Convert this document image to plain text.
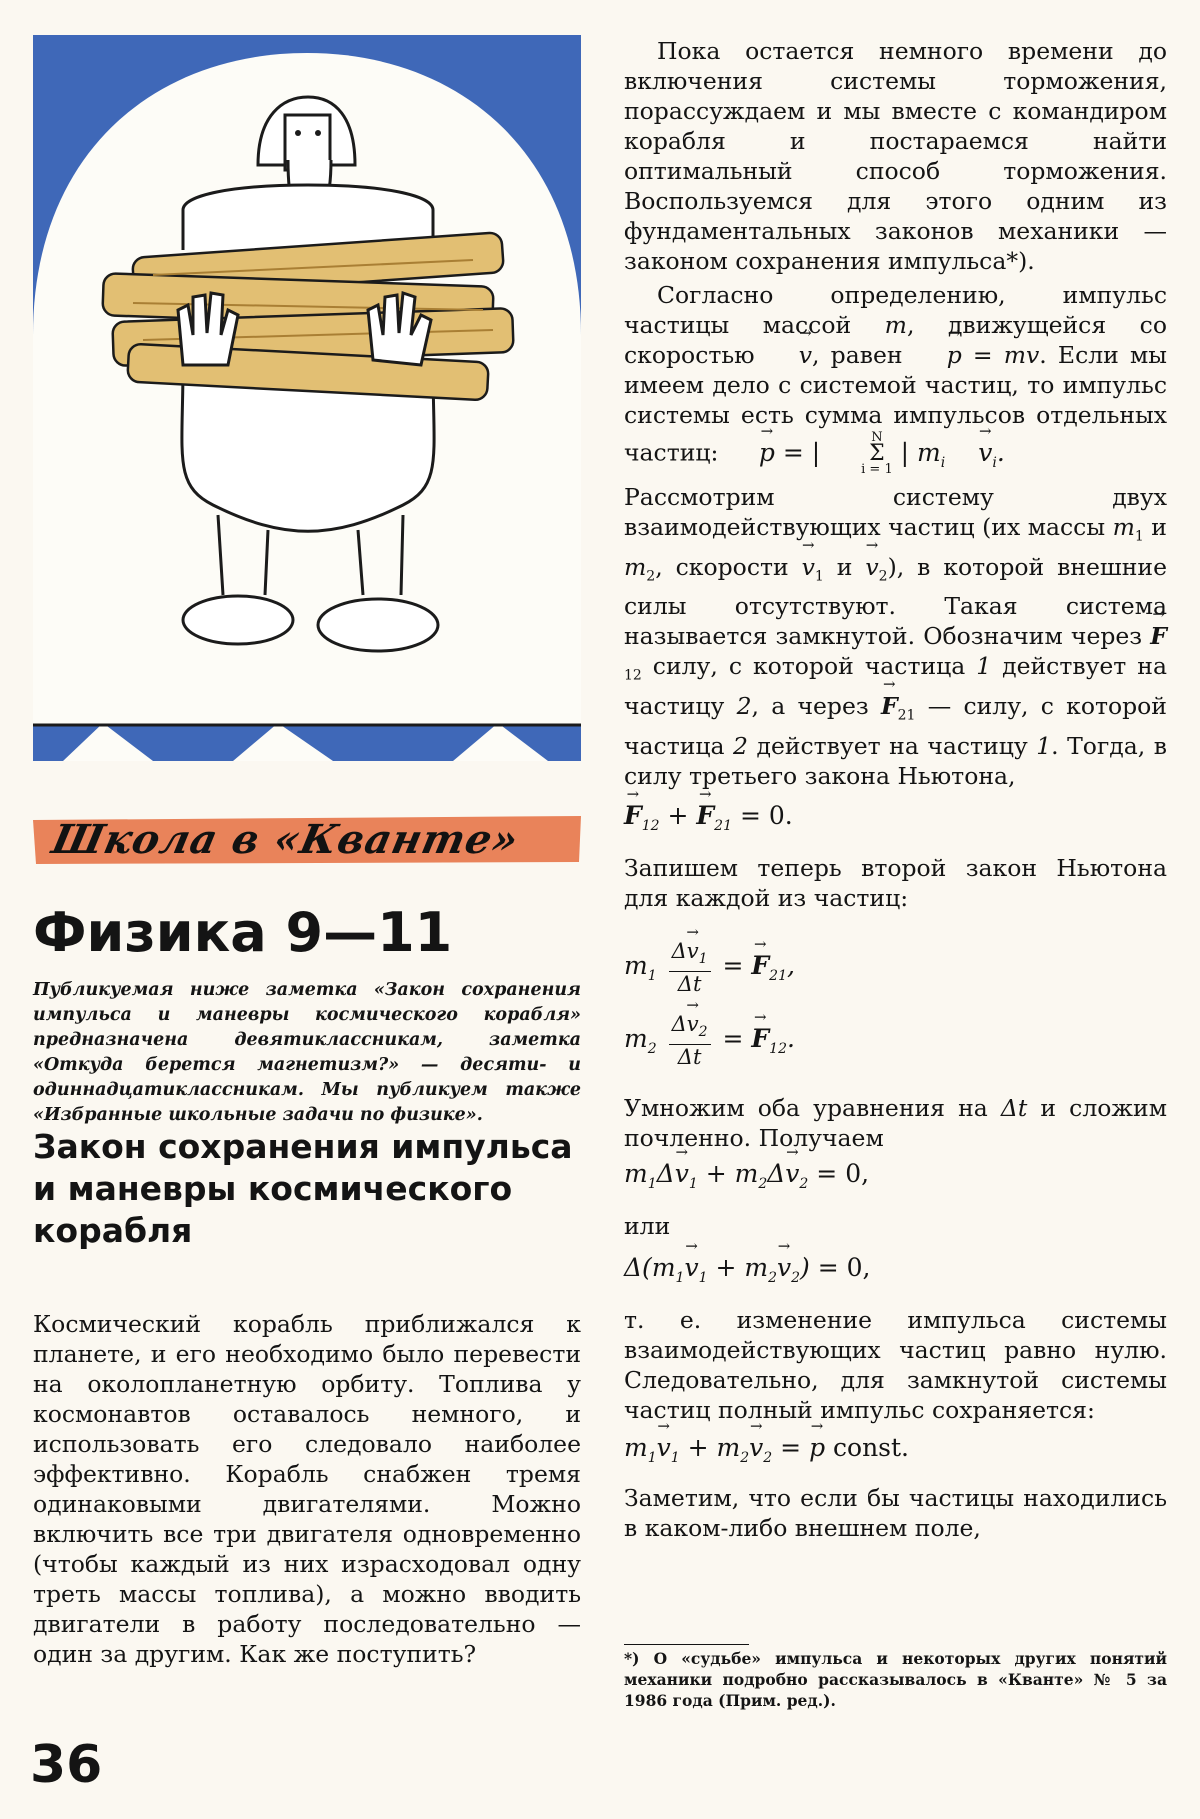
Школа в «Кванте»
Физика 9—11

Публикуемая ниже заметка «Закон сохранения импульса и маневры космического корабля» предназначена девятиклассникам, заметка «Откуда берется магнетизм?» — десяти- и одиннадцатиклассникам. Мы публикуем также «Избранные школьные задачи по физике».

Закон сохранения импульса и маневры космического корабля

Космический корабль приближался к планете, и его необходимо было перевести на околопланетную орбиту. Топлива у космонавтов оставалось немного, и использовать его следовало наиболее эффективно. Корабль снабжен тремя одинаковыми двигателями. Можно включить все три двигателя одновременно (чтобы каждый из них израсходовал одну треть массы топлива), а можно вводить двигатели в работу последовательно — один за другим. Как же поступить?

36

Пока остается немного времени до включения системы торможения, порассуждаем и мы вместе с командиром корабля и постараемся найти оптимальный способ торможения. Воспользуемся для этого одним из фундаментальных законов механики — законом сохранения импульса*).

Согласно определению, импульс частицы массой m, движущейся со скоростью → v, равен → p = mv. Если мы имеем дело с системой частиц, то импульс системы есть сумма импульсов отдельных частиц: → p = |	N
Σ
i = 1
| $m_i \to v_i$.

Рассмотрим систему двух взаимодействующих частиц (их массы $m_1$ и $m_2$, скорости → $v_1$ $и \to v_2$), в которой внешние силы отсутствуют. Такая система называется замкнутой. Обозначим через → $F_{12}$ силу, с которой частица 1 действует на частицу 2, а через → $F_{21}$ — силу, с которой частица 2 действует на частицу 1. Тогда, в силу третьего закона Ньютона,

→ $F_{12}$ + → $F_{21} = 0$.

Запишем теперь второй закон Ньютона для каждой из частиц:

$m_1 \frac{\Delta\to v_1}{\Delta t}$ = → $F_{21}$,

$m_2 \frac{\Delta\to v_2}{\Delta t}$ = → $F_{12}$.

Умножим оба уравнения на Δt и сложим почленно. Получаем

$m_1\Delta\to v_1 + m_2\Delta\to v_2 = 0$,

или

$\Delta(m_1\to v_1 + m_2\to v_2) = 0$,

т. е. изменение импульса системы взаимодействующих частиц равно нулю. Следовательно, для замкнутой системы частиц полный импульс сохраняется:

$m_1\to v_1 + m_2\to v_2$ = → p const.

Заметим, что если бы частицы находились в каком-либо внешнем поле,

*) О «судьбе» импульса и некоторых других понятий механики подробно рассказывалось в «Кванте» № 5 за 1986 года (Прим. ред.).
